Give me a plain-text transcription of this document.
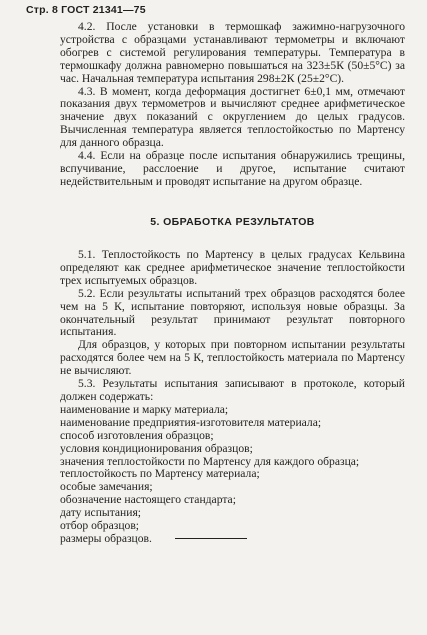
Стр. 8 ГОСТ 21341—75

4.2. После установки в термошкаф зажимно-нагрузочного устройства с образцами устанавливают термометры и включают обогрев с системой регулирования температуры. Температура в термошкафу должна равномерно повышаться на 323±5К (50±5°С) за час. Начальная температура испытания 298±2К (25±2°С).

4.3. В момент, когда деформация достигнет 6±0,1 мм, отмечают показания двух термометров и вычисляют среднее арифметическое значение двух показаний с округлением до целых градусов. Вычисленная температура является теплостойкостью по Мартенсу для данного образца.

4.4. Если на образце после испытания обнаружились трещины, вспучивание, расслоение и другое, испытание считают недействительным и проводят испытание на другом образце.

5. ОБРАБОТКА РЕЗУЛЬТАТОВ

5.1. Теплостойкость по Мартенсу в целых градусах Кельвина определяют как среднее арифметическое значение теплостойкости трех испытуемых образцов.

5.2. Если результаты испытаний трех образцов расходятся более чем на 5 К, испытание повторяют, используя новые образцы. За окончательный результат принимают результат повторного испытания.

Для образцов, у которых при повторном испытании результаты расходятся более чем на 5 К, теплостойкость материала по Мартенсу не вычисляют.

5.3. Результаты испытания записывают в протоколе, который должен содержать:

наименование и марку материала;

наименование предприятия-изготовителя материала;

способ изготовления образцов;

условия кондиционирования образцов;

значения теплостойкости по Мартенсу для каждого образца;

теплостойкость по Мартенсу материала;

особые замечания;

обозначение настоящего стандарта;

дату испытания;

отбор образцов;

размеры образцов.
